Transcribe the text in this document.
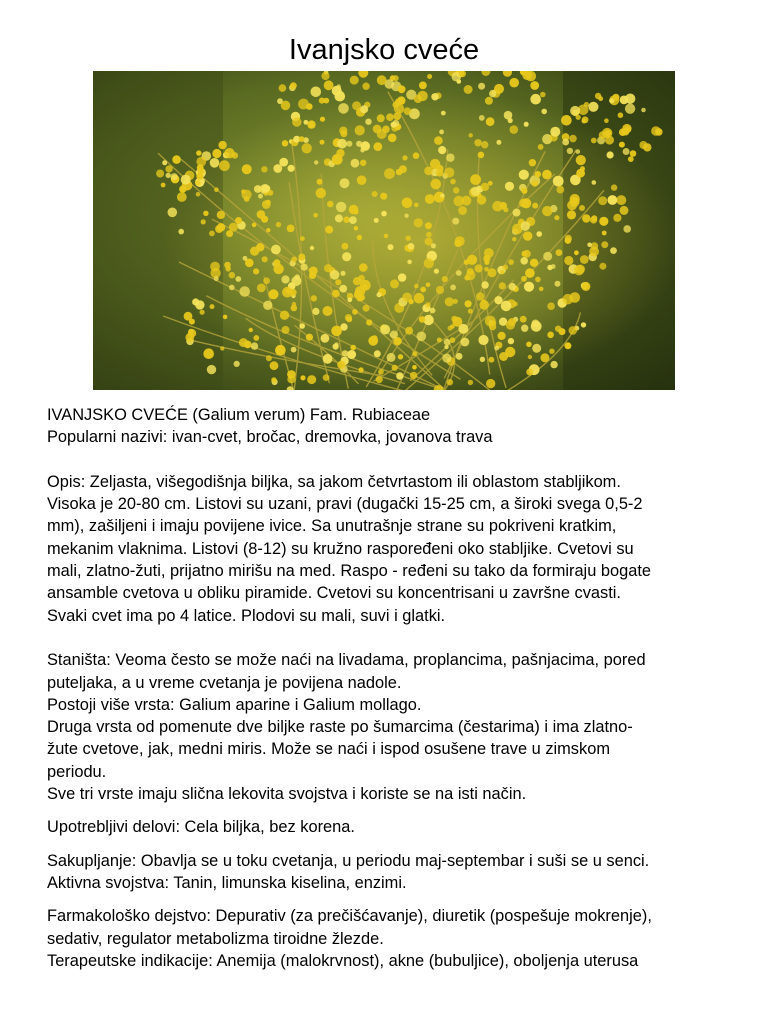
Ivanjsko cveće

IVANJSKO CVEĆE (Galium verum) Fam. Rubiaceae

Popularni nazivi: ivan-cvet, bročac, dremovka, jovanova trava

Opis: Zeljasta, višegodišnja biljka, sa jakom četvrtastom ili oblastom stabljikom.

Visoka je 20-80 cm. Listovi su uzani, pravi (dugački 15-25 cm, a široki svega 0,5-2

mm), zašiljeni i imaju povijene ivice. Sa unutrašnje strane su pokriveni kratkim,

mekanim vlaknima. Listovi (8-12) su kružno raspoređeni oko stabljike. Cvetovi su

mali, zlatno-žuti, prijatno mirišu na med. Raspo - ređeni su tako da formiraju bogate

ansamble cvetova u obliku piramide. Cvetovi su koncentrisani u završne cvasti.

Svaki cvet ima po 4 latice. Plodovi su mali, suvi i glatki.

Staništa: Veoma često se može naći na livadama, proplancima, pašnjacima, pored

puteljaka, a u vreme cvetanja je povijena nadole.

Postoji više vrsta: Galium aparine i Galium mollago.

Druga vrsta od pomenute dve biljke raste po šumarcima (čestarima) i ima zlatno-

žute cvetove, jak, medni miris. Može se naći i ispod osušene trave u zimskom

periodu.

Sve tri vrste imaju slična lekovita svojstva i koriste se na isti način.

Upotrebljivi delovi: Cela biljka, bez korena.

Sakupljanje: Obavlja se u toku cvetanja, u periodu maj-septembar i suši se u senci.

Aktivna svojstva: Tanin, limunska kiselina, enzimi.

Farmakološko dejstvo: Depurativ (za prečišćavanje), diuretik (pospešuje mokrenje),

sedativ, regulator metabolizma tiroidne žlezde.

Terapeutske indikacije: Anemija (malokrvnost), akne (bubuljice), oboljenja uterusa
